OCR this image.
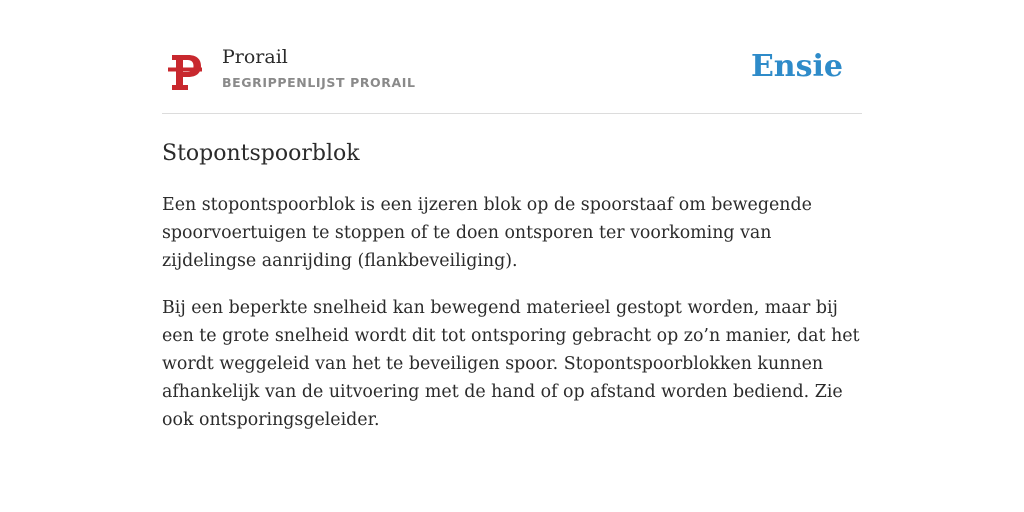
Prorail
BEGRIPPENLIJST PRORAIL	Ensie
Stopontspoorblok

Een stopontspoorblok is een ijzeren blok op de spoorstaaf om bewegende spoorvoertuigen te stoppen of te doen ontsporen ter voorkoming van zijdelingse aanrijding (flankbeveiliging).

Bij een beperkte snelheid kan bewegend materieel gestopt worden, maar bij een te grote snelheid wordt dit tot ontsporing gebracht op zo’n manier, dat het wordt weggeleid van het te beveiligen spoor. Stopontspoorblokken kunnen afhankelijk van de uitvoering met de hand of op afstand worden bediend. Zie ook ontsporingsgeleider.
